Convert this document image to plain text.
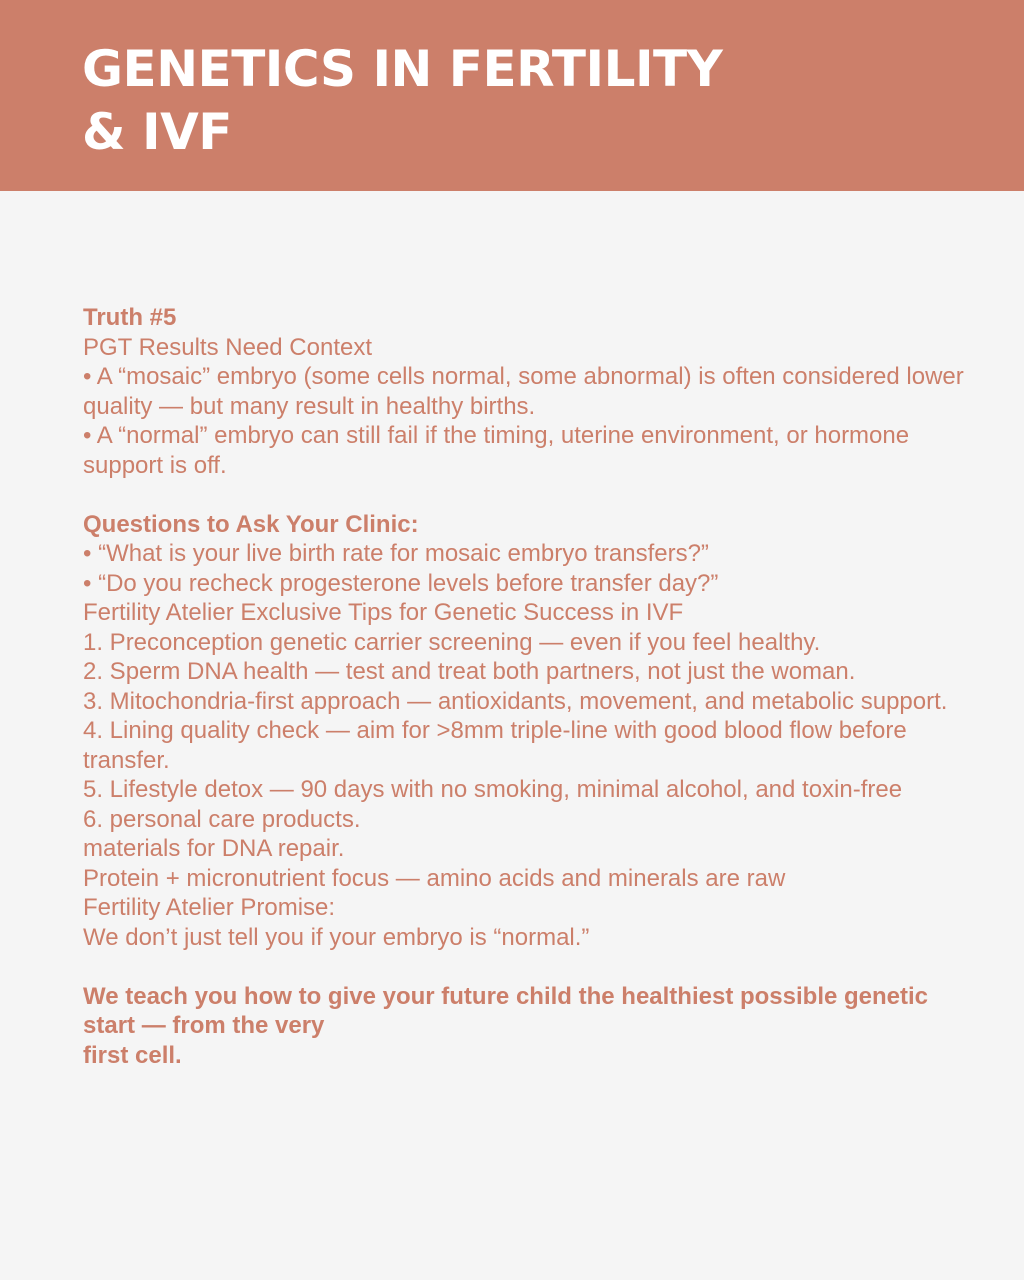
GENETICS IN FERTILITY
& IVF

Truth #5

PGT Results Need Context

• A “mosaic” embryo (some cells normal, some abnormal) is often considered lower quality — but many result in healthy births.

• A “normal” embryo can still fail if the timing, uterine environment, or hormone support is off.

Questions to Ask Your Clinic:

• “What is your live birth rate for mosaic embryo transfers?”

• “Do you recheck progesterone levels before transfer day?”

Fertility Atelier Exclusive Tips for Genetic Success in IVF

1. Preconception genetic carrier screening — even if you feel healthy.

2. Sperm DNA health — test and treat both partners, not just the woman.

3. Mitochondria-first approach — antioxidants, movement, and metabolic support.

4. Lining quality check — aim for >8mm triple-line with good blood flow before transfer.

5. Lifestyle detox — 90 days with no smoking, minimal alcohol, and toxin-free

6. personal care products.

materials for DNA repair.

Protein + micronutrient focus — amino acids and minerals are raw

Fertility Atelier Promise:

We don’t just tell you if your embryo is “normal.”

We teach you how to give your future child the healthiest possible genetic start — from the very

first cell.
